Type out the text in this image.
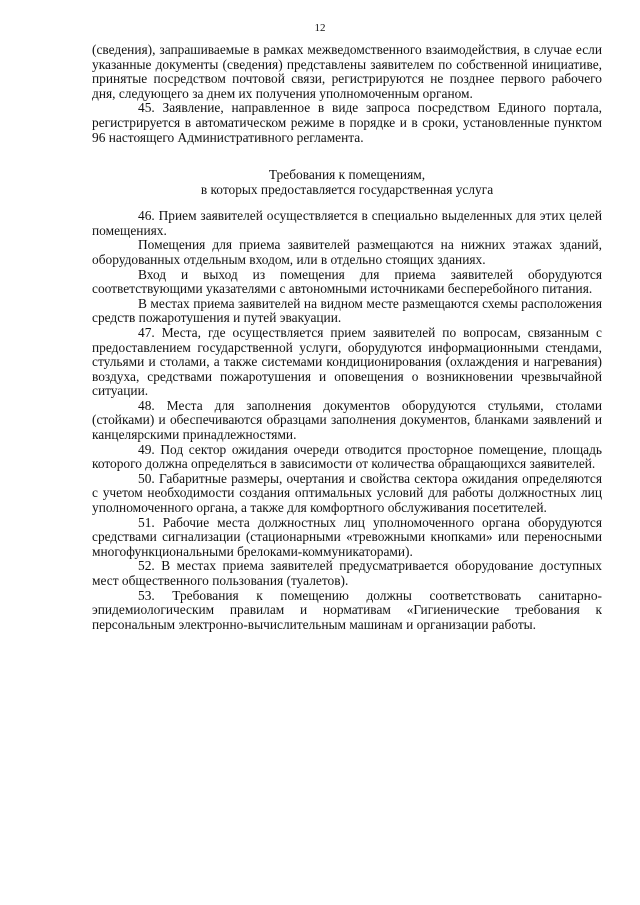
12

(сведения), запрашиваемые в рамках межведомственного взаимодействия, в случае если указанные документы (сведения) представлены заявителем по собственной инициативе, принятые посредством почтовой связи, регистрируются не позднее первого рабочего дня, следующего за днем их получения уполномоченным органом.

45. Заявление, направленное в виде запроса посредством Единого портала, регистрируется в автоматическом режиме в порядке и в сроки, установленные пунктом 96 настоящего Административного регламента.

Требования к помещениям,
в которых предоставляется государственная услуга

46. Прием заявителей осуществляется в специально выделенных для этих целей помещениях.

Помещения для приема заявителей размещаются на нижних этажах зданий, оборудованных отдельным входом, или в отдельно стоящих зданиях.

Вход и выход из помещения для приема заявителей оборудуются соответствующими указателями с автономными источниками бесперебойного питания.

В местах приема заявителей на видном месте размещаются схемы расположения средств пожаротушения и путей эвакуации.

47. Места, где осуществляется прием заявителей по вопросам, связанным с предоставлением государственной услуги, оборудуются информационными стендами, стульями и столами, а также системами кондиционирования (охлаждения и нагревания) воздуха, средствами пожаротушения и оповещения о возникновении чрезвычайной ситуации.

48. Места для заполнения документов оборудуются стульями, столами (стойками) и обеспечиваются образцами заполнения документов, бланками заявлений и канцелярскими принадлежностями.

49. Под сектор ожидания очереди отводится просторное помещение, площадь которого должна определяться в зависимости от количества обращающихся заявителей.

50. Габаритные размеры, очертания и свойства сектора ожидания определяются с учетом необходимости создания оптимальных условий для работы должностных лиц уполномоченного органа, а также для комфортного обслуживания посетителей.

51. Рабочие места должностных лиц уполномоченного органа оборудуются средствами сигнализации (стационарными «тревожными кнопками» или переносными многофункциональными брелоками-коммуникаторами).

52. В местах приема заявителей предусматривается оборудование доступных мест общественного пользования (туалетов).

53. Требования к помещению должны соответствовать санитарно-эпидемиологическим правилам и нормативам «Гигиенические требования к персональным электронно-вычислительным машинам и организации работы.
